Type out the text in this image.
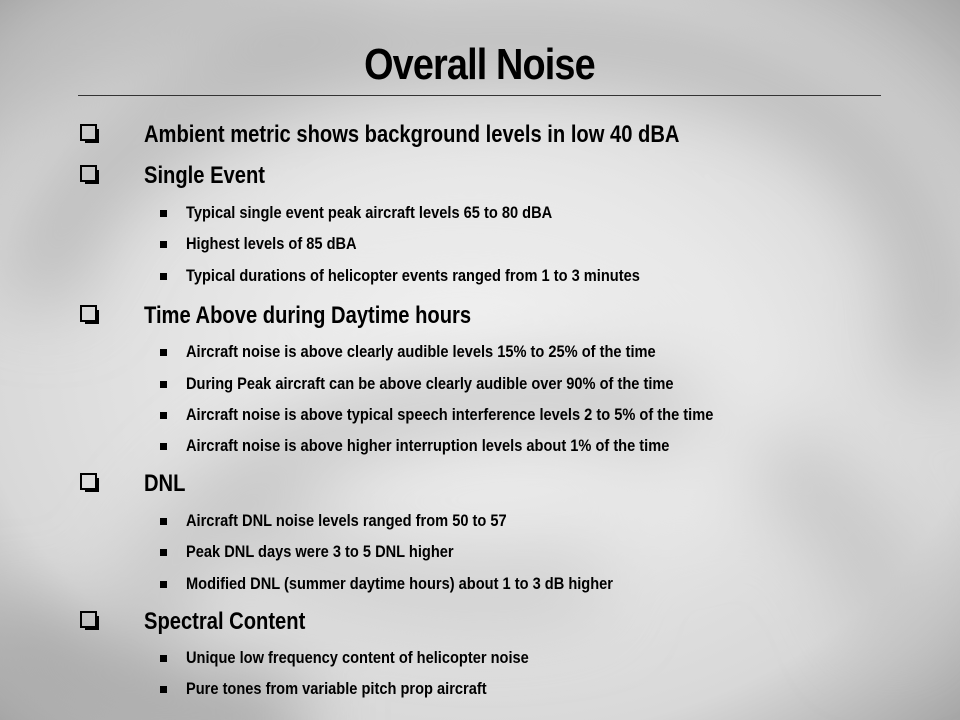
Overall Noise
Ambient metric shows background levels in low 40 dBA
Single Event
Typical single event peak aircraft levels 65 to 80 dBA
Highest levels of 85 dBA
Typical durations of helicopter events ranged from 1 to 3 minutes
Time Above during Daytime hours
Aircraft noise is above clearly audible levels 15% to 25% of the time
During Peak aircraft can be above clearly audible over 90% of the time
Aircraft noise is above typical speech interference levels 2 to 5% of the time
Aircraft noise is above higher interruption levels about 1% of the time
DNL
Aircraft DNL noise levels ranged from 50 to 57
Peak DNL days were 3 to 5 DNL higher
Modified DNL (summer daytime hours) about 1 to 3 dB higher
Spectral Content
Unique low frequency content of helicopter noise
Pure tones from variable pitch prop aircraft
